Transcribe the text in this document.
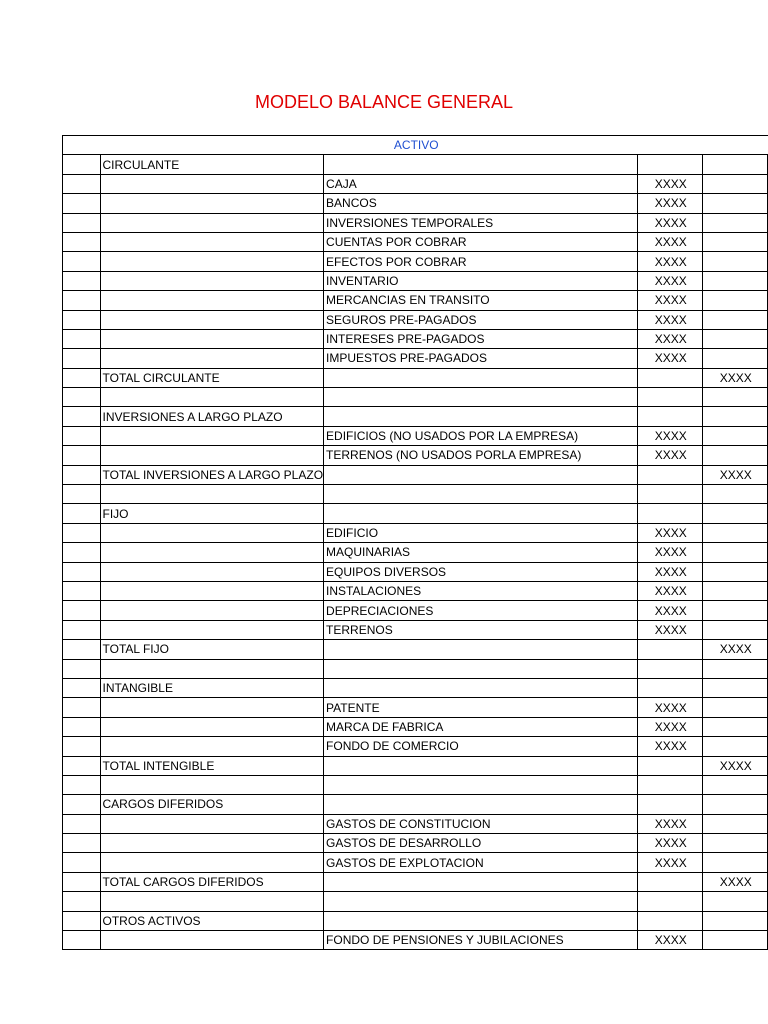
MODELO BALANCE GENERAL
ACTIVO				
	CIRCULANTE			
		CAJA	XXXX	
		BANCOS	XXXX	
		INVERSIONES TEMPORALES	XXXX	
		CUENTAS POR COBRAR	XXXX	
		EFECTOS POR COBRAR	XXXX	
		INVENTARIO	XXXX	
		MERCANCIAS EN TRANSITO	XXXX	
		SEGUROS PRE-PAGADOS	XXXX	
		INTERESES PRE-PAGADOS	XXXX	
		IMPUESTOS PRE-PAGADOS	XXXX	
	TOTAL CIRCULANTE			XXXX

	INVERSIONES A LARGO PLAZO			
		EDIFICIOS (NO USADOS POR LA EMPRESA)	XXXX	
		TERRENOS (NO USADOS PORLA EMPRESA)	XXXX	
	TOTAL INVERSIONES A LARGO PLAZO			XXXX

	FIJO			
		EDIFICIO	XXXX	
		MAQUINARIAS	XXXX	
		EQUIPOS DIVERSOS	XXXX	
		INSTALACIONES	XXXX	
		DEPRECIACIONES	XXXX	
		TERRENOS	XXXX	
	TOTAL FIJO			XXXX

	INTANGIBLE			
		PATENTE	XXXX	
		MARCA DE FABRICA	XXXX	
		FONDO DE COMERCIO	XXXX	
	TOTAL INTENGIBLE			XXXX

	CARGOS DIFERIDOS			
		GASTOS DE CONSTITUCION	XXXX	
		GASTOS DE DESARROLLO	XXXX	
		GASTOS DE EXPLOTACION	XXXX	
	TOTAL CARGOS DIFERIDOS			XXXX

	OTROS ACTIVOS			
		FONDO DE PENSIONES Y JUBILACIONES	XXXX	
